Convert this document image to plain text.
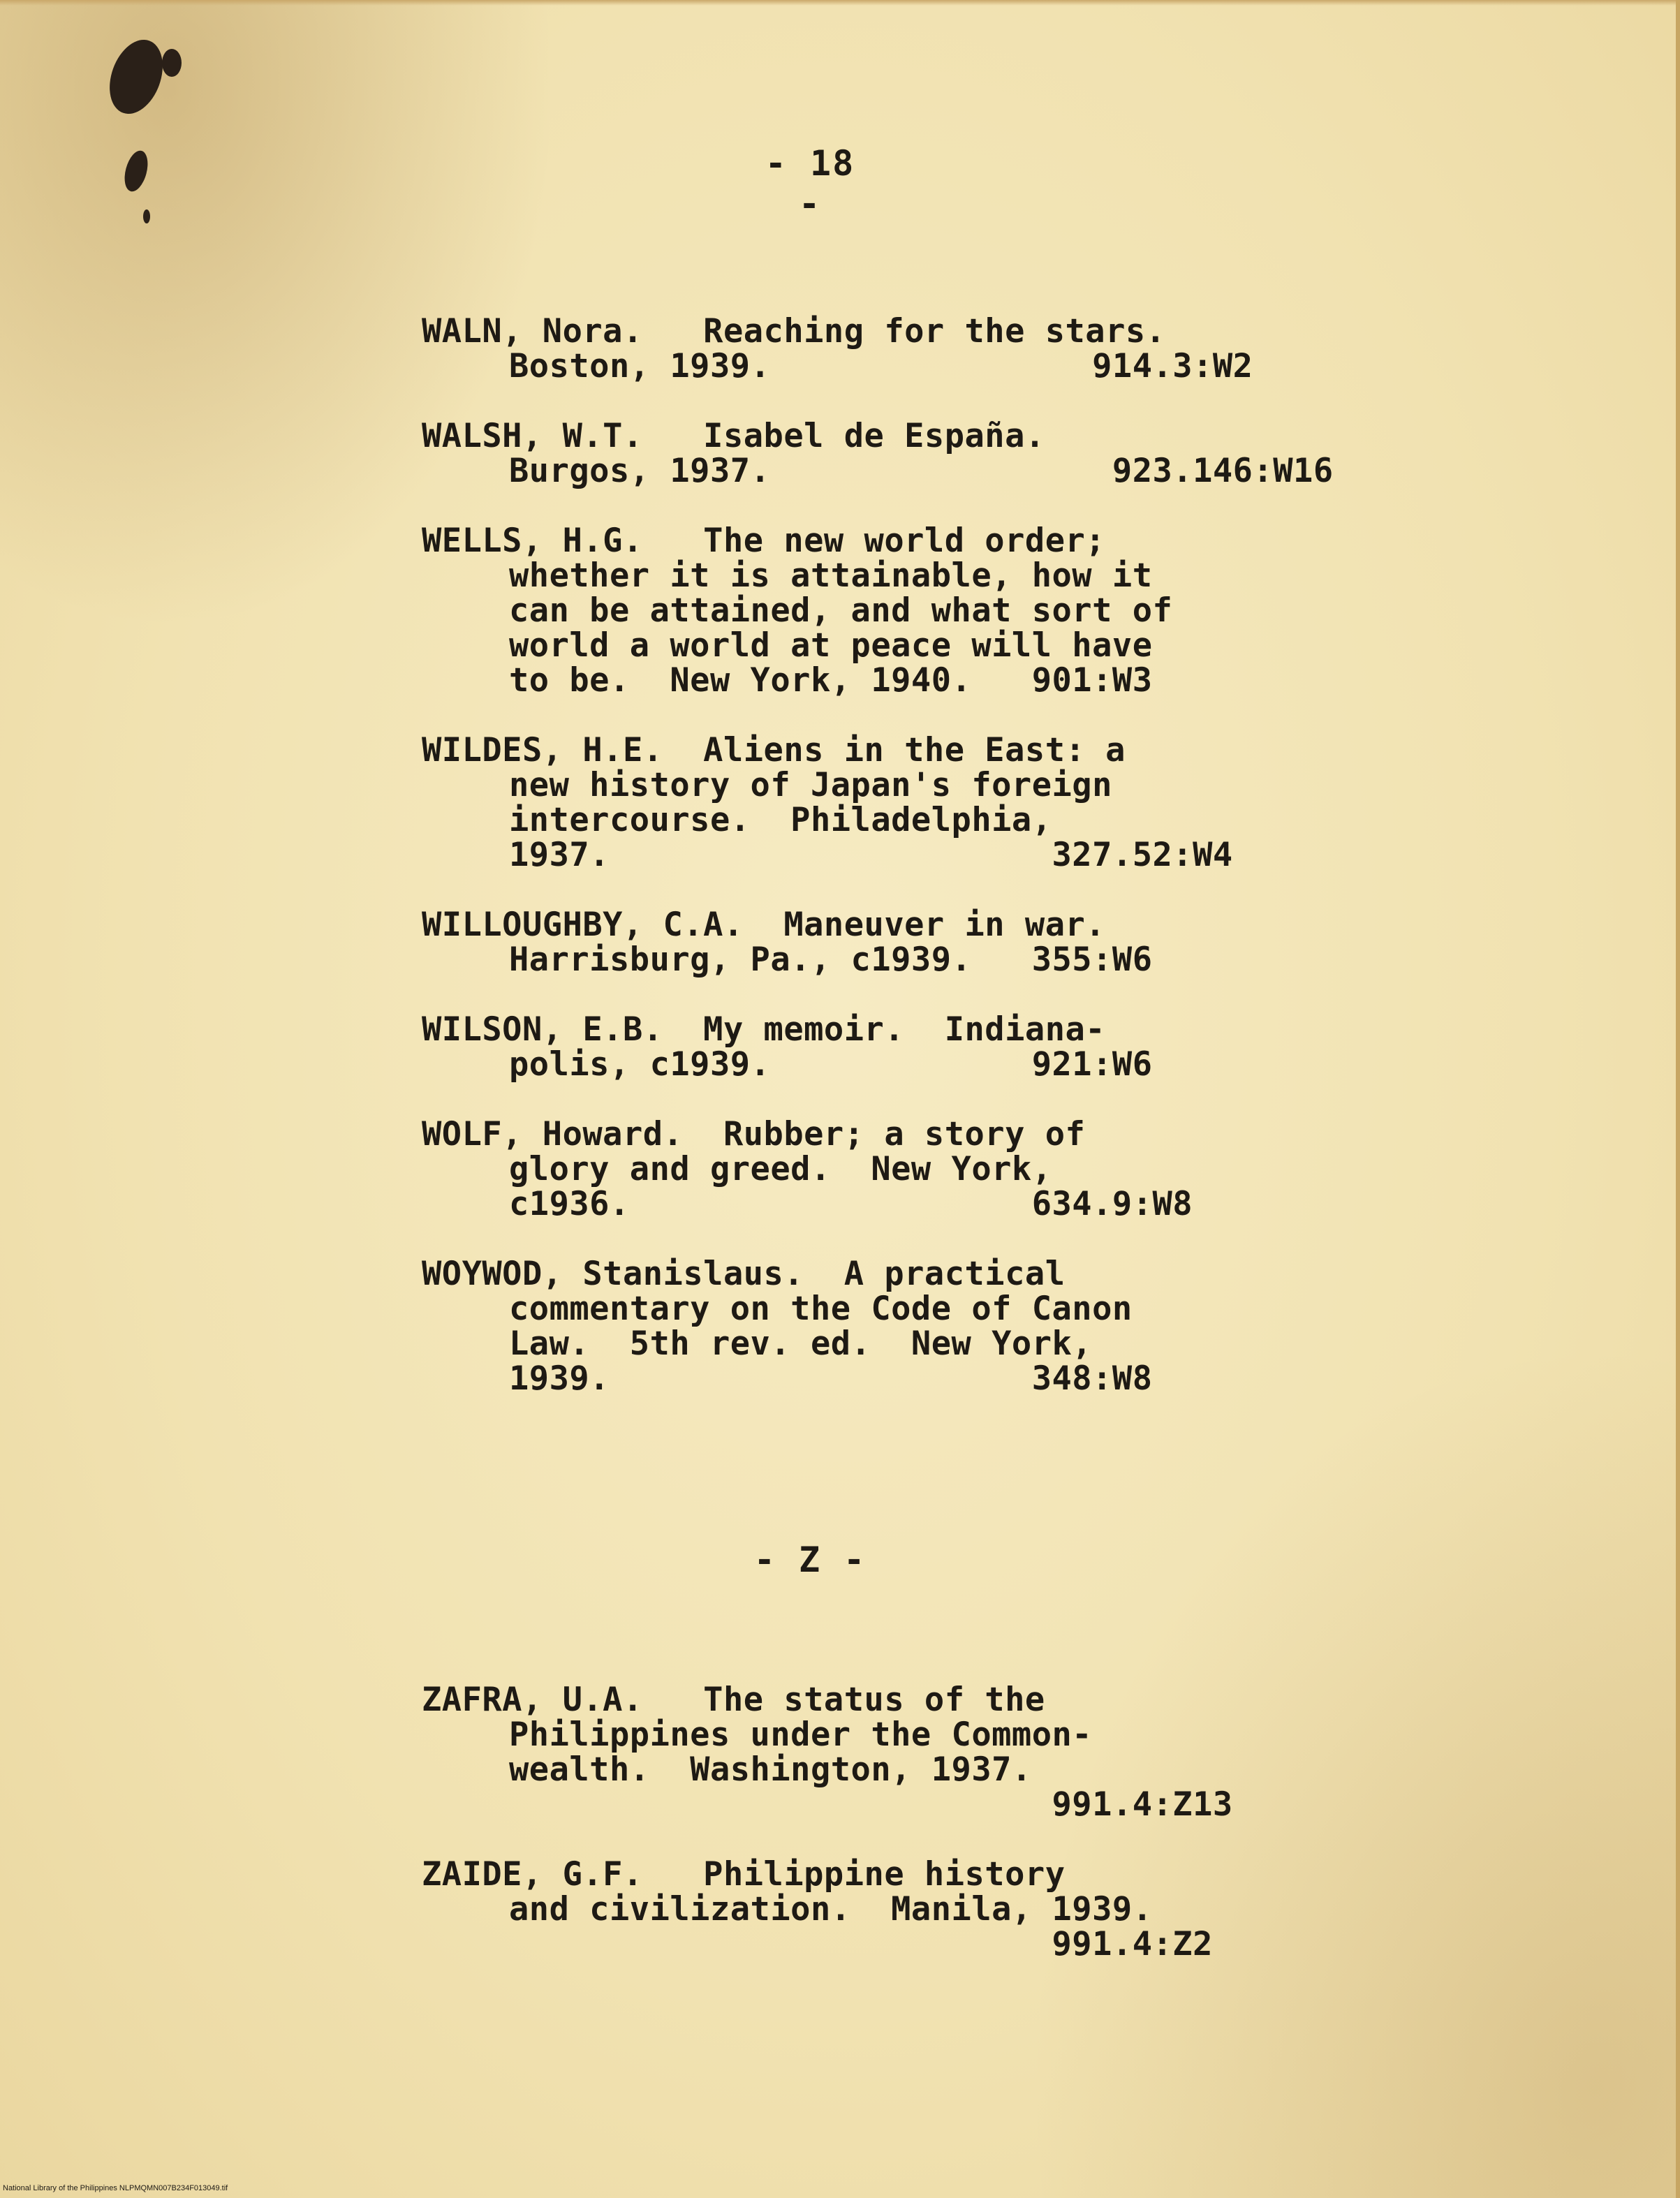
- 18 -
WALN, Nora.   Reaching for the stars.
Boston, 1939.                914.3:W2
WALSH, W.T.   Isabel de España.
Burgos, 1937.                 923.146:W16
WELLS, H.G.   The new world order;
whether it is attainable, how it
can be attained, and what sort of
world a world at peace will have
to be.  New York, 1940.   901:W3
WILDES, H.E.  Aliens in the East: a
new history of Japan's foreign
intercourse.  Philadelphia,
1937.                      327.52:W4
WILLOUGHBY, C.A.  Maneuver in war.
Harrisburg, Pa., c1939.   355:W6
WILSON, E.B.  My memoir.  Indiana-
polis, c1939.             921:W6
WOLF, Howard.  Rubber; a story of
glory and greed.  New York,
c1936.                    634.9:W8
WOYWOD, Stanislaus.  A practical
commentary on the Code of Canon
Law.  5th rev. ed.  New York,
1939.                     348:W8
- Z -
ZAFRA, U.A.   The status of the
Philippines under the Common-
wealth.  Washington, 1937.
991.4:Z13
ZAIDE, G.F.   Philippine history
and civilization.  Manila, 1939.
991.4:Z2
National Library of the Philippines NLPMQMN007B234F013049.tif
